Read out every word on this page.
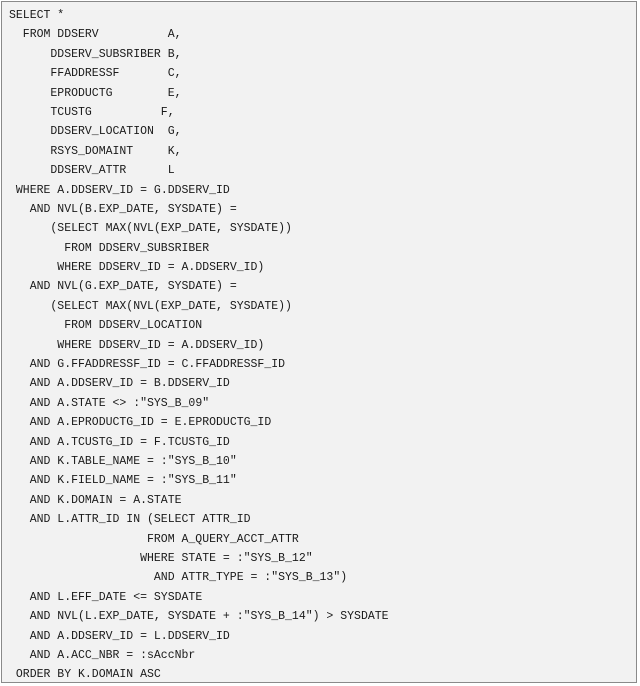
SELECT *
FROM DDSERV          A,
DDSERV_SUBSRIBER B,
FFADDRESSF       C,
EPRODUCTG        E,
TCUSTG          F,
DDSERV_LOCATION  G,
RSYS_DOMAINT     K,
DDSERV_ATTR      L
WHERE A.DDSERV_ID = G.DDSERV_ID
AND NVL(B.EXP_DATE, SYSDATE) =
(SELECT MAX(NVL(EXP_DATE, SYSDATE))
FROM DDSERV_SUBSRIBER
WHERE DDSERV_ID = A.DDSERV_ID)
AND NVL(G.EXP_DATE, SYSDATE) =
(SELECT MAX(NVL(EXP_DATE, SYSDATE))
FROM DDSERV_LOCATION
WHERE DDSERV_ID = A.DDSERV_ID)
AND G.FFADDRESSF_ID = C.FFADDRESSF_ID
AND A.DDSERV_ID = B.DDSERV_ID
AND A.STATE <> :"SYS_B_09"
AND A.EPRODUCTG_ID = E.EPRODUCTG_ID
AND A.TCUSTG_ID = F.TCUSTG_ID
AND K.TABLE_NAME = :"SYS_B_10"
AND K.FIELD_NAME = :"SYS_B_11"
AND K.DOMAIN = A.STATE
AND L.ATTR_ID IN (SELECT ATTR_ID
FROM A_QUERY_ACCT_ATTR
WHERE STATE = :"SYS_B_12"
AND ATTR_TYPE = :"SYS_B_13")
AND L.EFF_DATE <= SYSDATE
AND NVL(L.EXP_DATE, SYSDATE + :"SYS_B_14") > SYSDATE
AND A.DDSERV_ID = L.DDSERV_ID
AND A.ACC_NBR = :sAccNbr
ORDER BY K.DOMAIN ASC
